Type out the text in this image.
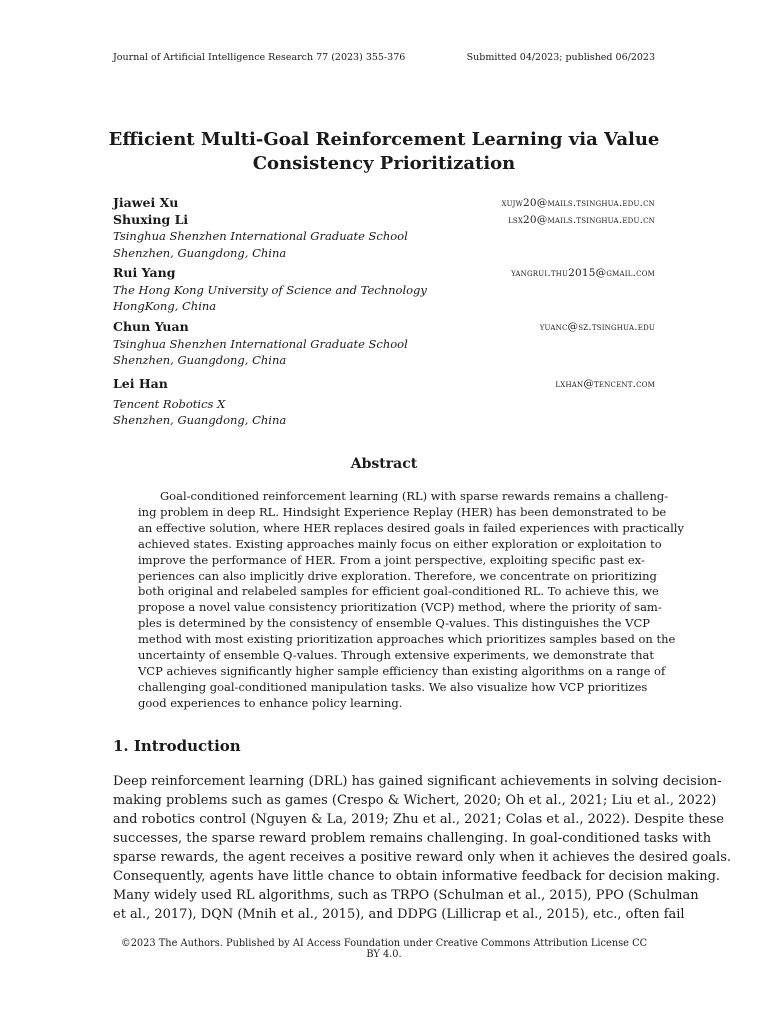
Journal of Artificial Intelligence Research 77 (2023) 355-376	Submitted 04/2023; published 06/2023
Efficient Multi-Goal Reinforcement Learning via Value
Consistency Prioritization
Jiawei Xu	xujw20@mails.tsinghua.edu.cn
Shuxing Li	lsx20@mails.tsinghua.edu.cn
Tsinghua Shenzhen International Graduate School
Shenzhen, Guangdong, China
Rui Yang	yangrui.thu2015@gmail.com
The Hong Kong University of Science and Technology
HongKong, China
Chun Yuan	yuanc@sz.tsinghua.edu
Tsinghua Shenzhen International Graduate School
Shenzhen, Guangdong, China
Lei Han	lxhan@tencent.com
Tencent Robotics X
Shenzhen, Guangdong, China
Abstract
Goal-conditioned reinforcement learning (RL) with sparse rewards remains a challeng-
ing problem in deep RL. Hindsight Experience Replay (HER) has been demonstrated to be
an effective solution, where HER replaces desired goals in failed experiences with practically
achieved states. Existing approaches mainly focus on either exploration or exploitation to
improve the performance of HER. From a joint perspective, exploiting specific past ex-
periences can also implicitly drive exploration. Therefore, we concentrate on prioritizing
both original and relabeled samples for efficient goal-conditioned RL. To achieve this, we
propose a novel value consistency prioritization (VCP) method, where the priority of sam-
ples is determined by the consistency of ensemble Q-values. This distinguishes the VCP
method with most existing prioritization approaches which prioritizes samples based on the
uncertainty of ensemble Q-values. Through extensive experiments, we demonstrate that
VCP achieves significantly higher sample efficiency than existing algorithms on a range of
challenging goal-conditioned manipulation tasks. We also visualize how VCP prioritizes
good experiences to enhance policy learning.
1. Introduction
Deep reinforcement learning (DRL) has gained significant achievements in solving decision-
making problems such as games (Crespo & Wichert, 2020; Oh et al., 2021; Liu et al., 2022)
and robotics control (Nguyen & La, 2019; Zhu et al., 2021; Colas et al., 2022). Despite these
successes, the sparse reward problem remains challenging. In goal-conditioned tasks with
sparse rewards, the agent receives a positive reward only when it achieves the desired goals.
Consequently, agents have little chance to obtain informative feedback for decision making.
Many widely used RL algorithms, such as TRPO (Schulman et al., 2015), PPO (Schulman
et al., 2017), DQN (Mnih et al., 2015), and DDPG (Lillicrap et al., 2015), etc., often fail
©2023 The Authors. Published by AI Access Foundation under Creative Commons Attribution License CC BY 4.0.
